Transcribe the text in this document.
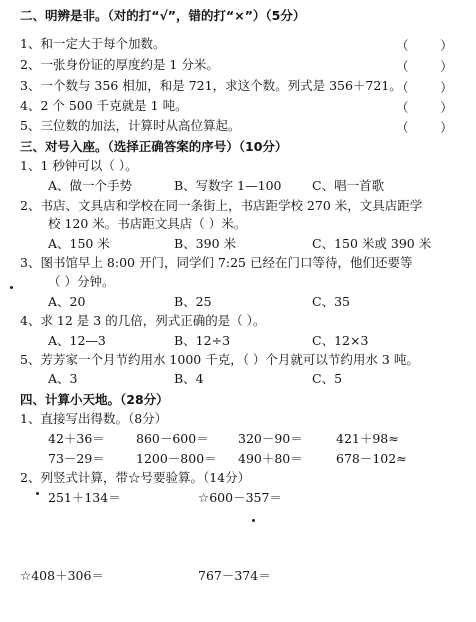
二、明辨是非。（对的打“√”，错的打“×”）（5分）
1、和一定大于每个加数。	（        ）
2、一张身份证的厚度约是 1 分米。	（        ）
3、一个数与 356 相加，和是 721，求这个数。列式是 356＋721。
（        ）
4、2 个 500 千克就是 1 吨。	（        ）
5、三位数的加法，计算时从高位算起。	（        ）
三、对号入座。（选择正确答案的序号）（10分）
1、1 秒钟可以（ ）。
A、做一个手势	B、写数字 1—100 C、唱一首歌
2、书店、文具店和学校在同一条街上，书店距学校 270 米，文具店距学
校 120 米。书店距文具店（ ）米。
A、150 米	B、390 米	C、150 米或 390 米
3、图书馆早上 8:00 开门，同学们 7:25 已经在门口等待，他们还要等
（ ）分钟。
A、20	B、25	C、35
4、求 12 是 3 的几倍，列式正确的是（ ）。
A、12—3	B、12÷3	C、12×3
5、芳芳家一个月节约用水 1000 千克，（ ）个月就可以节约用水 3 吨。
A、3	B、4	C、5
四、计算小天地。（28分）
1、直接写出得数。（8分）
42＋36＝ 860－600＝ 320－90＝	421＋98≈
73－29＝ 1200－800＝ 490＋80＝	678－102≈
2、列竖式计算，带☆号要验算。（14分）
251＋134＝	☆600－357＝
☆408＋306＝	767－374＝
